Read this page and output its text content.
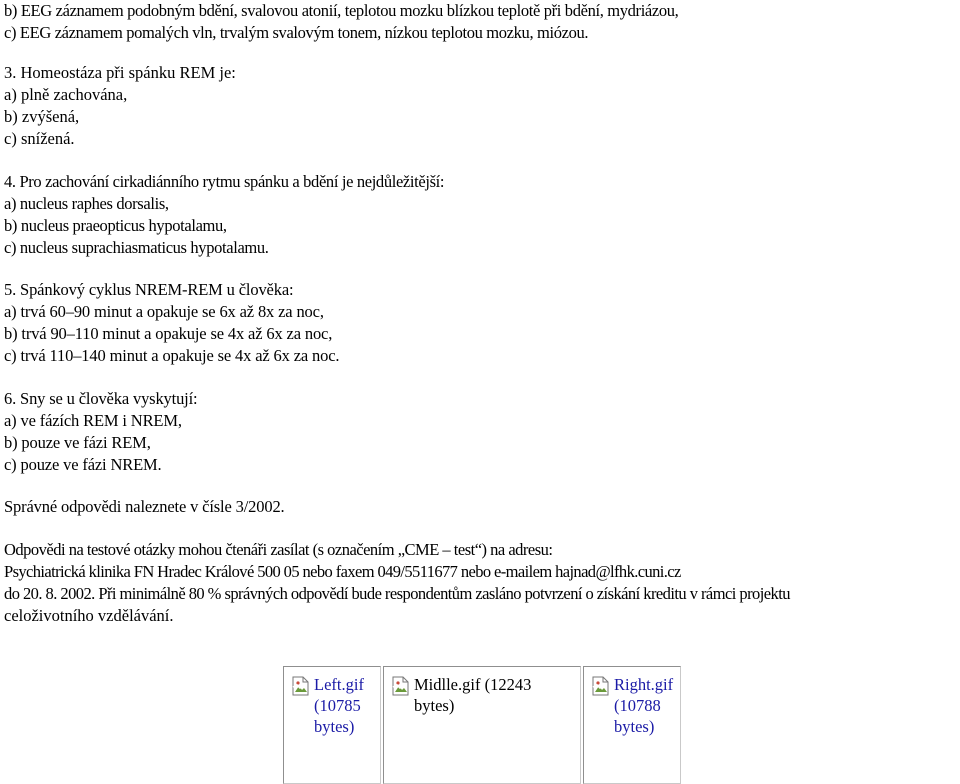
b) EEG záznamem podobným bdění, svalovou atonií, teplotou mozku blízkou teplotě při bdění, mydriázou,
c) EEG záznamem pomalých vln, trvalým svalovým tonem, nízkou teplotou mozku, miózou.
3. Homeostáza při spánku REM je:
a) plně zachována,
b) zvýšená,
c) snížená.
4. Pro zachování cirkadiánního rytmu spánku a bdění je nejdůležitější:
a) nucleus raphes dorsalis,
b) nucleus praeopticus hypotalamu,
c) nucleus suprachiasmaticus hypotalamu.
5. Spánkový cyklus NREM-REM u člověka:
a) trvá 60–90 minut a opakuje se 6x až 8x za noc,
b) trvá 90–110 minut a opakuje se 4x až 6x za noc,
c) trvá 110–140 minut a opakuje se 4x až 6x za noc.
6. Sny se u člověka vyskytují:
a) ve fázích REM i NREM,
b) pouze ve fázi REM,
c) pouze ve fázi NREM.
Správné odpovědi naleznete v čísle 3/2002.
Odpovědi na testové otázky mohou čtenáři zasílat (s označením „CME – test“) na adresu:
Psychiatrická klinika FN Hradec Králové 500 05 nebo faxem 049/5511677 nebo e-mailem hajnad@lfhk.cuni.cz
do 20. 8. 2002. Při minimálně 80 % správných odpovědí bude respondentům zasláno potvrzení o získání kreditu v rámci projektu
celoživotního vzdělávání.
Left.gif (10785 bytes)
Midlle.gif (12243 bytes)
Right.gif (10788 bytes)
